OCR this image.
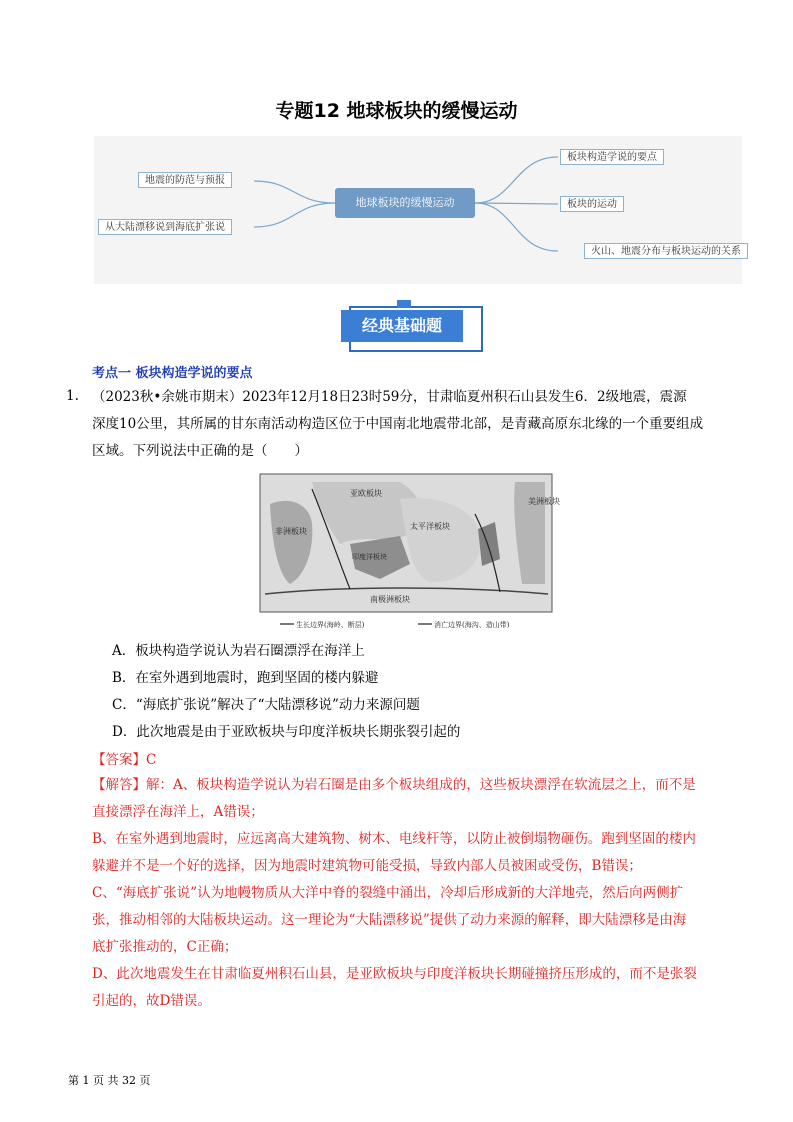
专题12 地球板块的缓慢运动
地震的防范与预报
从大陆漂移说到海底扩张说
地球板块的缓慢运动
板块构造学说的要点
板块的运动
火山、地震分布与板块运动的关系
经典基础题
考点一 板块构造学说的要点
1. （2023秋•余姚市期末）2023年12月18日23时59分，甘肃临夏州积石山县发生6．2级地震，震源
深度10公里，其所属的甘东南活动构造区位于中国南北地震带北部，是青藏高原东北缘的一个重要组成
区域。下列说法中正确的是（　　）
美洲板块
亚欧板块
非洲板块
印度洋板块
太平洋板块
南极洲板块
生长边界(海岭、断层)	消亡边界(海沟、造山带)
A．板块构造学说认为岩石圈漂浮在海洋上
B．在室外遇到地震时，跑到坚固的楼内躲避
C．“海底扩张说”解决了“大陆漂移说”动力来源问题
D．此次地震是由于亚欧板块与印度洋板块长期张裂引起的
【答案】C
【解答】解：A、板块构造学说认为岩石圈是由多个板块组成的，这些板块漂浮在软流层之上，而不是
直接漂浮在海洋上，A错误；
B、在室外遇到地震时，应远离高大建筑物、树木、电线杆等，以防止被倒塌物砸伤。跑到坚固的楼内
躲避并不是一个好的选择，因为地震时建筑物可能受损，导致内部人员被困或受伤，B错误；
C、“海底扩张说”认为地幔物质从大洋中脊的裂缝中涌出，冷却后形成新的大洋地壳，然后向两侧扩
张，推动相邻的大陆板块运动。这一理论为“大陆漂移说”提供了动力来源的解释，即大陆漂移是由海
底扩张推动的，C正确；
D、此次地震发生在甘肃临夏州积石山县，是亚欧板块与印度洋板块长期碰撞挤压形成的，而不是张裂
引起的，故D错误。
第 1 页 共 32 页
